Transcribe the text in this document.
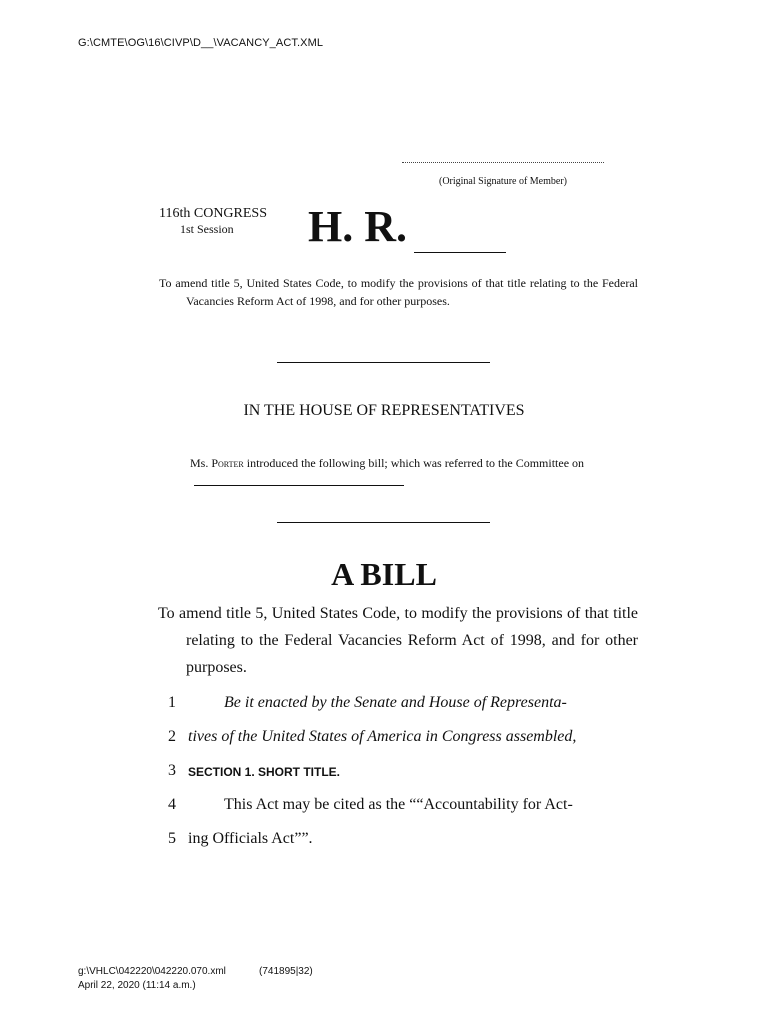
G:\CMTE\OG\16\CIVP\D__\VACANCY_ACT.XML
(Original Signature of Member)
116th CONGRESS
1st Session H. R.
To amend title 5, United States Code, to modify the provisions of that title relating to the Federal Vacancies Reform Act of 1998, and for other purposes.
IN THE HOUSE OF REPRESENTATIVES
Ms. Porter introduced the following bill; which was referred to the Committee on
A BILL
To amend title 5, United States Code, to modify the provisions of that title relating to the Federal Vacancies Reform Act of 1998, and for other purposes.
1	Be it enacted by the Senate and House of Representa-
2 tives of the United States of America in Congress assembled,
3 SECTION 1. SHORT TITLE.
4	This Act may be cited as the ““Accountability for Act-
5 ing Officials Act””.
g:\VHLC\042220\042220.070.xml	(741895|32)
April 22, 2020 (11:14 a.m.)
